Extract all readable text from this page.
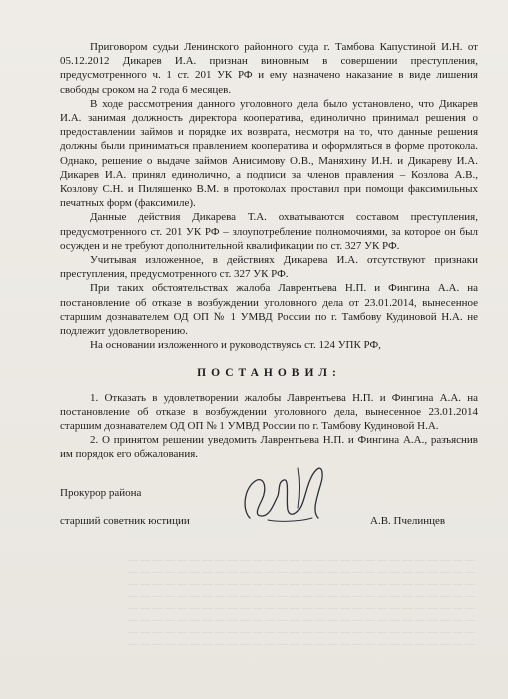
Приговором судьи Ленинского районного суда г. Тамбова Капустиной И.Н. от 05.12.2012 Дикарев И.А. признан виновным в совершении преступления, предусмотренного ч. 1 ст. 201 УК РФ и ему назначено наказание в виде лишения свободы сроком на 2 года 6 месяцев.

В ходе рассмотрения данного уголовного дела было установлено, что Дикарев И.А. занимая должность директора кооператива, единолично принимал решения о предоставлении займов и порядке их возврата, несмотря на то, что данные решения должны были приниматься правлением кооператива и оформляться в форме протокола. Однако, решение о выдаче займов Анисимову О.В., Маняхину И.Н. и Дикареву И.А. Дикарев И.А. принял единолично, а подписи за членов правления – Козлова А.В., Козлову С.Н. и Пиляшенко В.М. в протоколах проставил при помощи факсимильных печатных форм (факсимиле).

Данные действия Дикарева Т.А. охватываются составом преступления, предусмотренного ст. 201 УК РФ – злоупотребление полномочиями, за которое он был осужден и не требуют дополнительной квалификации по ст. 327 УК РФ.

Учитывая изложенное, в действиях Дикарева И.А. отсутствуют признаки преступления, предусмотренного ст. 327 УК РФ.

При таких обстоятельствах жалоба Лаврентьева Н.П. и Фингина А.А. на постановление об отказе в возбуждении уголовного дела от 23.01.2014, вынесенное старшим дознавателем ОД ОП № 1 УМВД России по г. Тамбову Кудиновой Н.А. не подлежит удовлетворению.

На основании изложенного и руководствуясь ст. 124 УПК РФ,

ПОСТАНОВИЛ:

1. Отказать в удовлетворении жалобы Лаврентьева Н.П. и Фингина А.А. на постановление об отказе в возбуждении уголовного дела, вынесенное 23.01.2014 старшим дознавателем ОД ОП № 1 УМВД России по г. Тамбову Кудиновой Н.А.

2. О принятом решении уведомить Лаврентьева Н.П. и Фингина А.А., разъяснив им порядок его обжалования.

Прокурор района
старший советник юстиции	А.В. Пчелинцев
— — — — — — — — — — — — — — — — — — — — — — — — — — — —
— — — — — — — — — — — — — — — — — — — — — — — — — — — —
— — — — — — — — — — — — — — — — — — — — — — — — — — — —
— — — — — — — — — — — — — — — — — — — — — — — — — — — —
— — — — — — — — — — — — — — — — — — — — — — — — — — — —
— — — — — — — — — — — — — — — — — — — — — — — — — — — —
— — — — — — — — — — — — — — — — — — — — — — — — — — — —
— — — — — — — — — — — — — — — — — — — — — — — — — — — —
